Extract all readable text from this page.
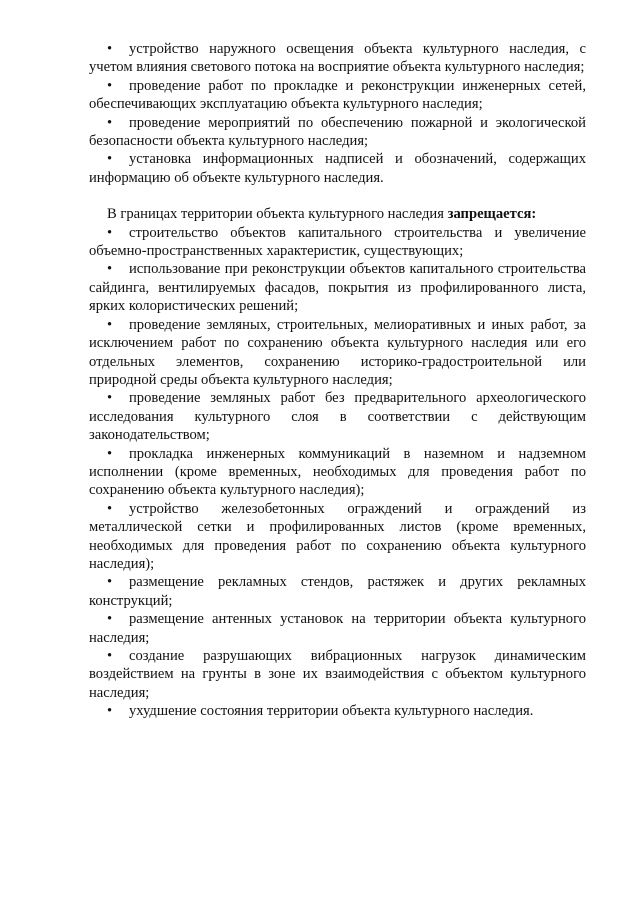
• устройство наружного освещения объекта культурного наследия, с учетом влияния светового потока на восприятие объекта культурного наследия;
• проведение работ по прокладке и реконструкции инженерных сетей, обеспечивающих эксплуатацию объекта культурного наследия;
• проведение мероприятий по обеспечению пожарной и экологической безопасности объекта культурного наследия;
• установка информационных надписей и обозначений, содержащих информацию об объекте культурного наследия.

В границах территории объекта культурного наследия запрещается:

• строительство объектов капитального строительства и увеличение объемно-пространственных характеристик, существующих;
• использование при реконструкции объектов капитального строительства сайдинга, вентилируемых фасадов, покрытия из профилированного листа, ярких колористических решений;
• проведение земляных, строительных, мелиоративных и иных работ, за исключением работ по сохранению объекта культурного наследия или его отдельных элементов, сохранению историко-градостроительной или природной среды объекта культурного наследия;
• проведение земляных работ без предварительного археологического исследования культурного слоя в соответствии с действующим законодательством;
• прокладка инженерных коммуникаций в наземном и надземном исполнении (кроме временных, необходимых для проведения работ по сохранению объекта культурного наследия);
• устройство железобетонных ограждений и ограждений из металлической сетки и профилированных листов (кроме временных, необходимых для проведения работ по сохранению объекта культурного наследия);
• размещение рекламных стендов, растяжек и других рекламных конструкций;
• размещение антенных установок на территории объекта культурного наследия;
• создание разрушающих вибрационных нагрузок динамическим воздействием на грунты в зоне их взаимодействия с объектом культурного наследия;
• ухудшение состояния территории объекта культурного наследия.
